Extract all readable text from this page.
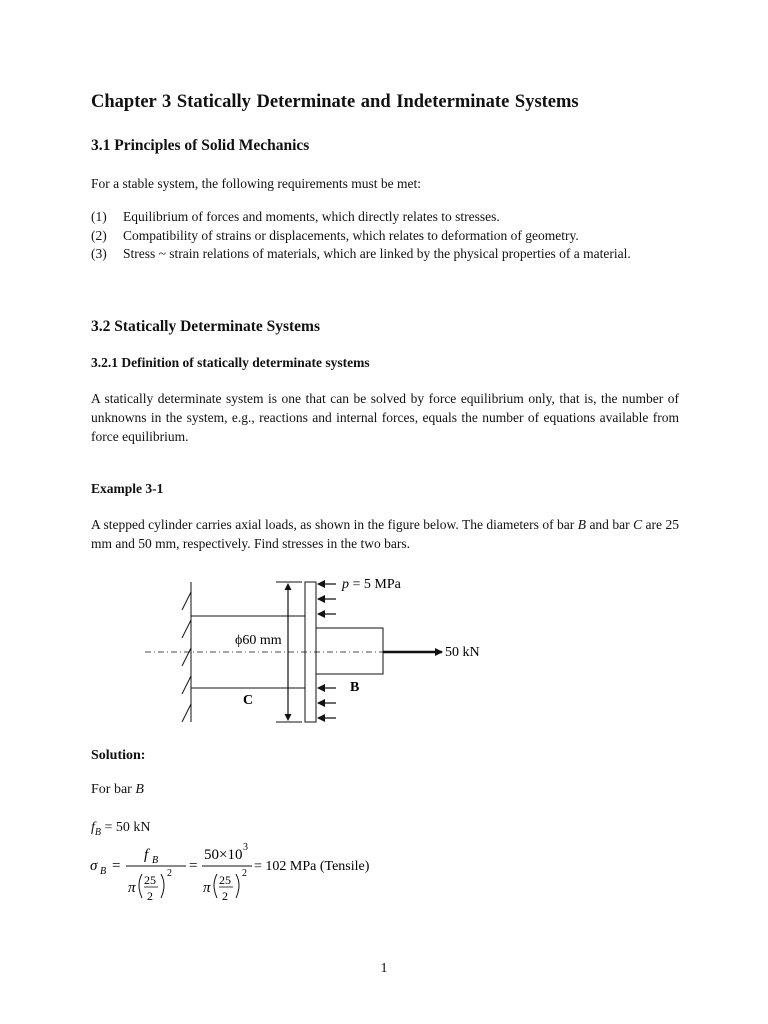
Chapter 3 Statically Determinate and Indeterminate Systems
3.1 Principles of Solid Mechanics

For a stable system, the following requirements must be met:

(1)	Equilibrium of forces and moments, which directly relates to stresses.
(2)	Compatibility of strains or displacements, which relates to deformation of geometry.
(3)	Stress ~ strain relations of materials, which are linked by the physical properties of a material.
3.2 Statically Determinate Systems
3.2.1 Definition of statically determinate systems

A statically determinate system is one that can be solved by force equilibrium only, that is, the number of unknowns in the system, e.g., reactions and internal forces, equals the number of equations available from force equilibrium.

Example 3-1

A stepped cylinder carries axial loads, as shown in the figure below. The diameters of bar B and bar C are 25 mm and 50 mm, respectively. Find stresses in the two bars.

ϕ60 mm
p = 5 MPa
50 kN
B
C
Solution:
For bar B
$f_B = 50$ kN
σ B =
f B
π 25
2
2 =
50×10 3
π 25
2
2 = 102 MPa (Tensile)
1
